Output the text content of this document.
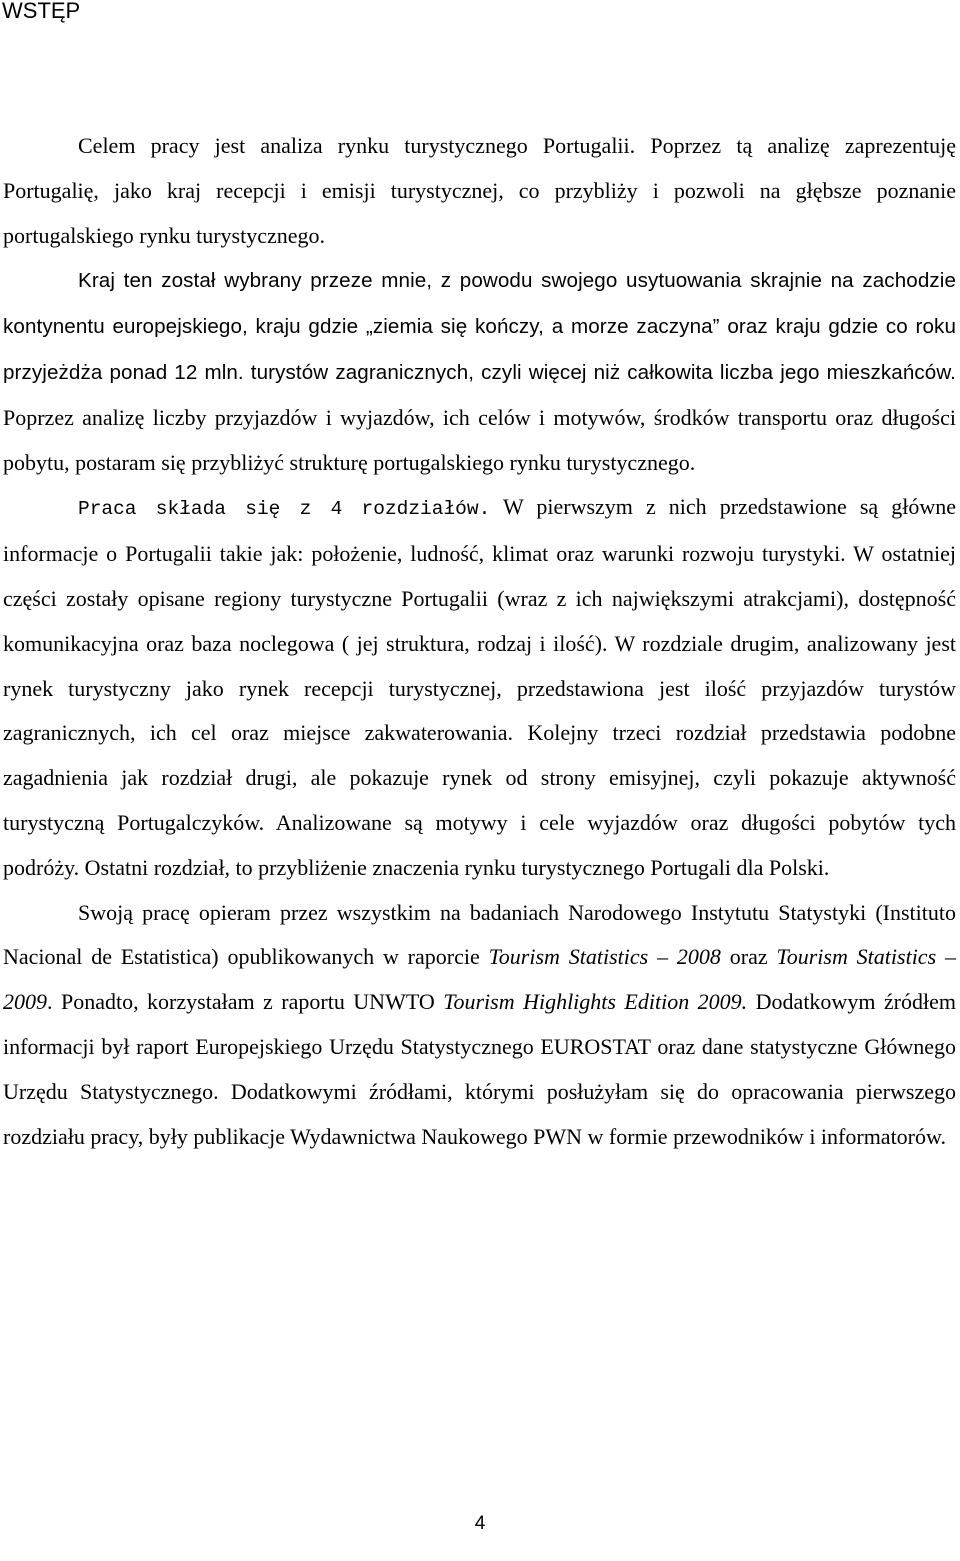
WSTĘP

Celem pracy jest analiza rynku turystycznego Portugalii. Poprzez tą analizę zaprezentuję Portugalię, jako kraj recepcji i emisji turystycznej, co przybliży i pozwoli na głębsze poznanie portugalskiego rynku turystycznego.

Kraj ten został wybrany przeze mnie, z powodu swojego usytuowania skrajnie na zachodzie kontynentu europejskiego, kraju gdzie „ziemia się kończy, a morze zaczyna” oraz kraju gdzie co roku przyjeżdża ponad 12 mln. turystów zagranicznych, czyli więcej niż całkowita liczba jego mieszkańców. Poprzez analizę liczby przyjazdów i wyjazdów, ich celów i motywów, środków transportu oraz długości pobytu, postaram się przybliżyć strukturę portugalskiego rynku turystycznego.

Praca składa się z 4 rozdziałów. W pierwszym z nich przedstawione są główne informacje o Portugalii takie jak: położenie, ludność, klimat oraz warunki rozwoju turystyki. W ostatniej części zostały opisane regiony turystyczne Portugalii (wraz z ich największymi atrakcjami), dostępność komunikacyjna oraz baza noclegowa ( jej struktura, rodzaj i ilość). W rozdziale drugim, analizowany jest rynek turystyczny jako rynek recepcji turystycznej, przedstawiona jest ilość przyjazdów turystów zagranicznych, ich cel oraz miejsce zakwaterowania. Kolejny trzeci rozdział przedstawia podobne zagadnienia jak rozdział drugi, ale pokazuje rynek od strony emisyjnej, czyli pokazuje aktywność turystyczną Portugalczyków. Analizowane są motywy i cele wyjazdów oraz długości pobytów tych podróży. Ostatni rozdział, to przybliżenie znaczenia rynku turystycznego Portugali dla Polski.

Swoją pracę opieram przez wszystkim na badaniach Narodowego Instytutu Statystyki (Instituto Nacional de Estatistica) opublikowanych w raporcie Tourism Statistics – 2008 oraz Tourism Statistics – 2009. Ponadto, korzystałam z raportu UNWTO Tourism Highlights Edition 2009. Dodatkowym źródłem informacji był raport Europejskiego Urzędu Statystycznego EUROSTAT oraz dane statystyczne Głównego Urzędu Statystycznego. Dodatkowymi źródłami, którymi posłużyłam się do opracowania pierwszego rozdziału pracy, były publikacje Wydawnictwa Naukowego PWN w formie przewodników i informatorów.

4
